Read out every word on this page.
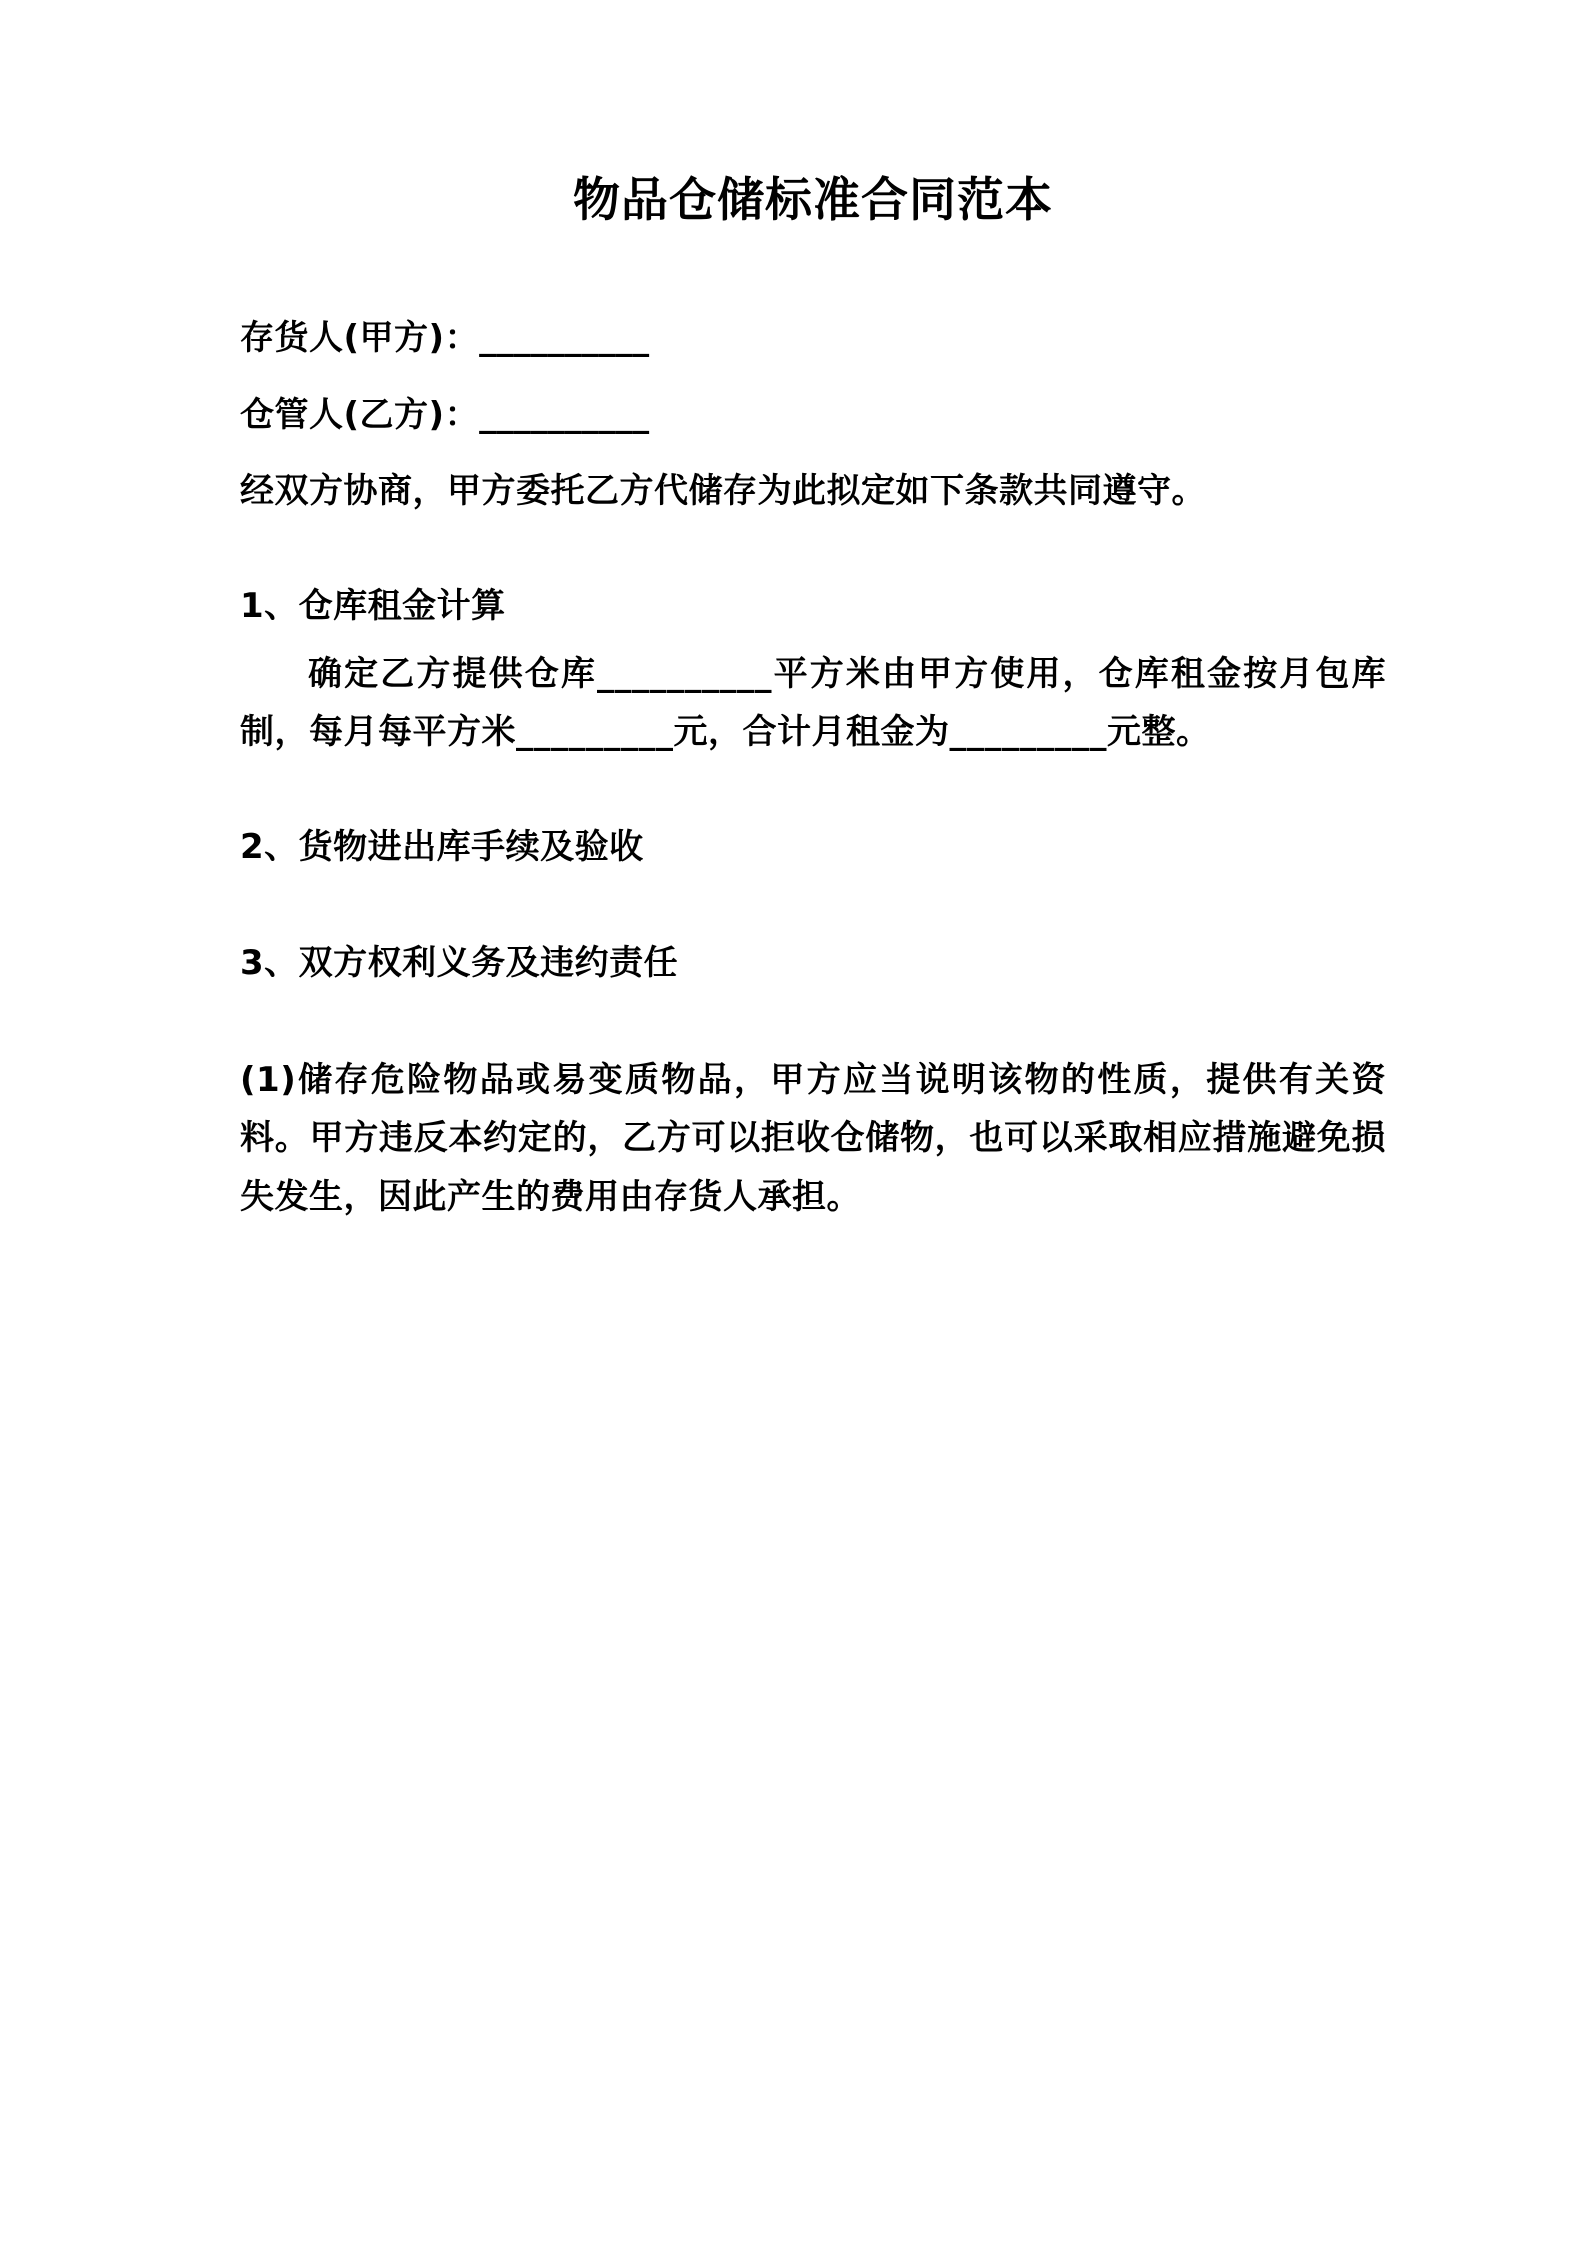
物品仓储标准合同范本

存货人(甲方)：__________

仓管人(乙方)：__________

经双方协商，甲方委托乙方代储存为此拟定如下条款共同遵守。

1、仓库租金计算

确定乙方提供仓库__________平方米由甲方使用，仓库租金按月包库制，每月每平方米_________元，合计月租金为_________元整。

2、货物进出库手续及验收

3、双方权利义务及违约责任

(1)储存危险物品或易变质物品，甲方应当说明该物的性质，提供有关资料。甲方违反本约定的，乙方可以拒收仓储物，也可以采取相应措施避免损失发生，因此产生的费用由存货人承担。
